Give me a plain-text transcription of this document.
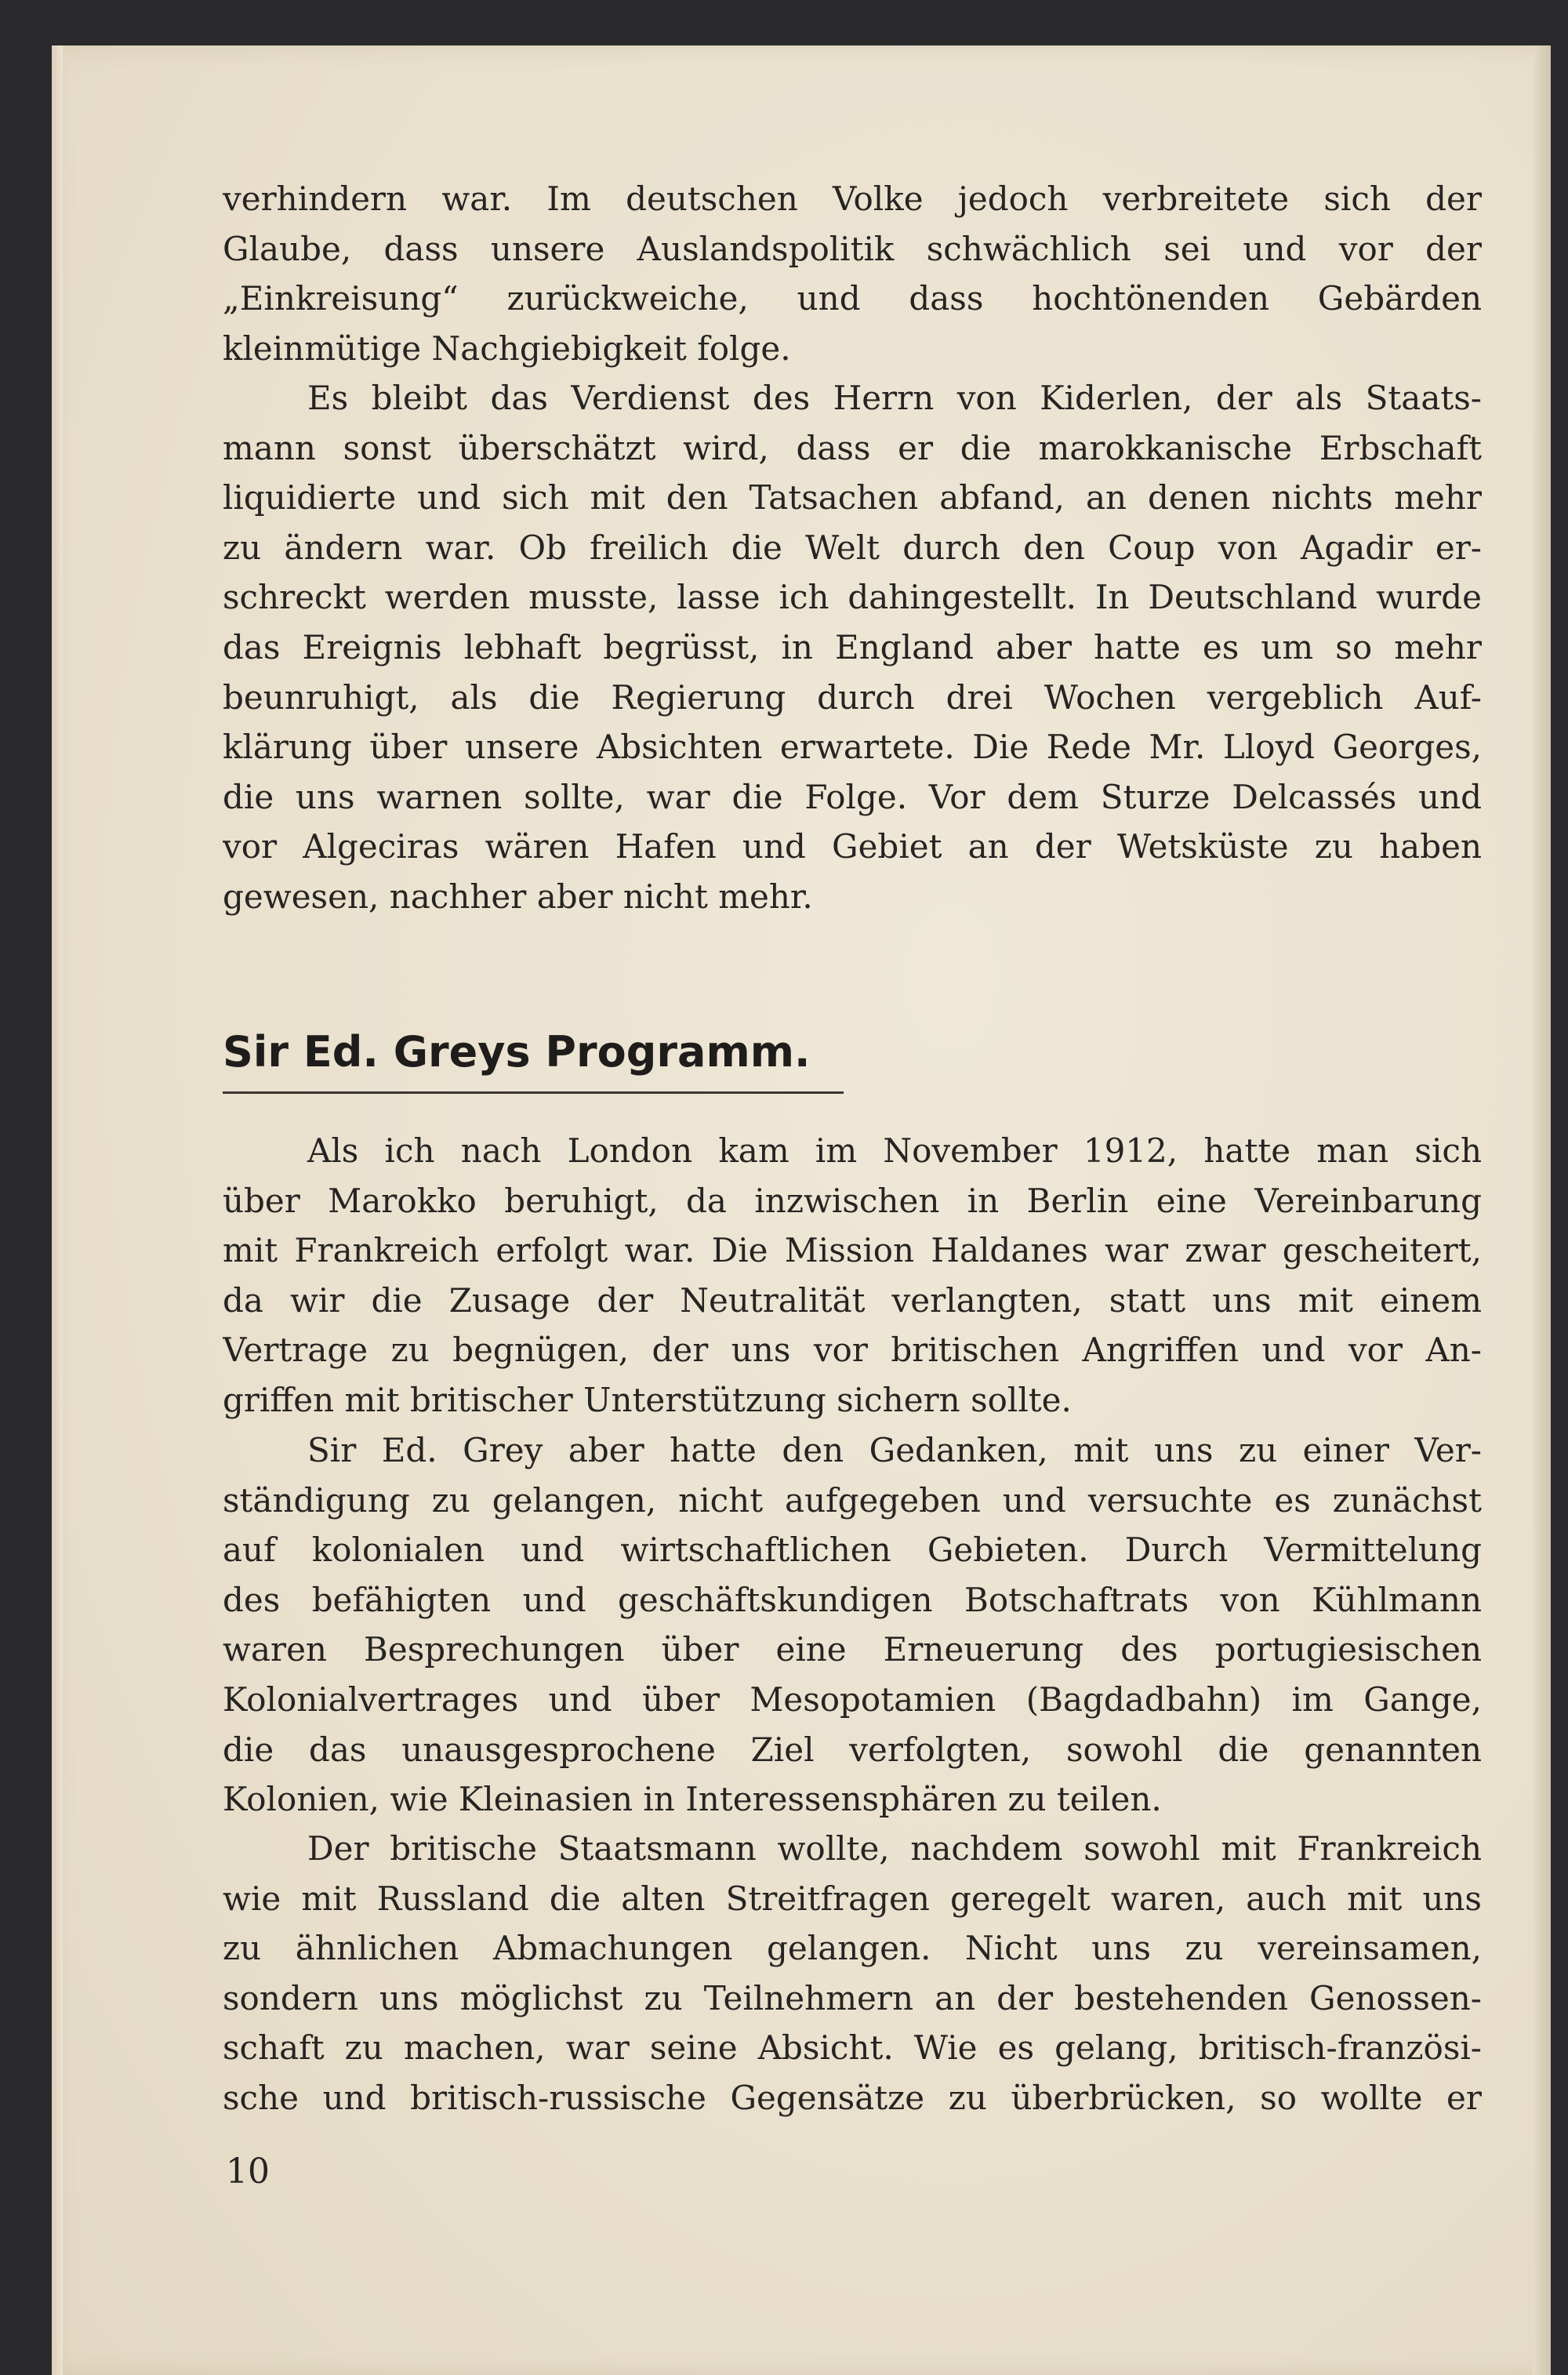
verhindern war. Im deutschen Volke jedoch verbreitete sich der
Glaube, dass unsere Auslandspolitik schwächlich sei und vor der
„Einkreisung“ zurückweiche, und dass hochtönenden Gebärden
kleinmütige Nachgiebigkeit folge.
Es bleibt das Verdienst des Herrn von Kiderlen, der als Staats-
mann sonst überschätzt wird, dass er die marokkanische Erbschaft
liquidierte und sich mit den Tatsachen abfand, an denen nichts mehr
zu ändern war. Ob freilich die Welt durch den Coup von Agadir er-
schreckt werden musste, lasse ich dahingestellt. In Deutschland wurde
das Ereignis lebhaft begrüsst, in England aber hatte es um so mehr
beunruhigt, als die Regierung durch drei Wochen vergeblich Auf-
klärung über unsere Absichten erwartete. Die Rede Mr. Lloyd Georges,
die uns warnen sollte, war die Folge. Vor dem Sturze Delcassés und
vor Algeciras wären Hafen und Gebiet an der Wetsküste zu haben
gewesen, nachher aber nicht mehr.
Sir Ed. Greys Programm.
Als ich nach London kam im November 1912, hatte man sich
über Marokko beruhigt, da inzwischen in Berlin eine Vereinbarung
mit Frankreich erfolgt war. Die Mission Haldanes war zwar gescheitert,
da wir die Zusage der Neutralität verlangten, statt uns mit einem
Vertrage zu begnügen, der uns vor britischen Angriffen und vor An-
griffen mit britischer Unterstützung sichern sollte.
Sir Ed. Grey aber hatte den Gedanken, mit uns zu einer Ver-
ständigung zu gelangen, nicht aufgegeben und versuchte es zunächst
auf kolonialen und wirtschaftlichen Gebieten. Durch Vermittelung
des befähigten und geschäftskundigen Botschaftrats von Kühlmann
waren Besprechungen über eine Erneuerung des portugiesischen
Kolonialvertrages und über Mesopotamien (Bagdadbahn) im Gange,
die das unausgesprochene Ziel verfolgten, sowohl die genannten
Kolonien, wie Kleinasien in Interessensphären zu teilen.
Der britische Staatsmann wollte, nachdem sowohl mit Frankreich
wie mit Russland die alten Streitfragen geregelt waren, auch mit uns
zu ähnlichen Abmachungen gelangen. Nicht uns zu vereinsamen,
sondern uns möglichst zu Teilnehmern an der bestehenden Genossen-
schaft zu machen, war seine Absicht. Wie es gelang, britisch-französi-
sche und britisch-russische Gegensätze zu überbrücken, so wollte er
10
